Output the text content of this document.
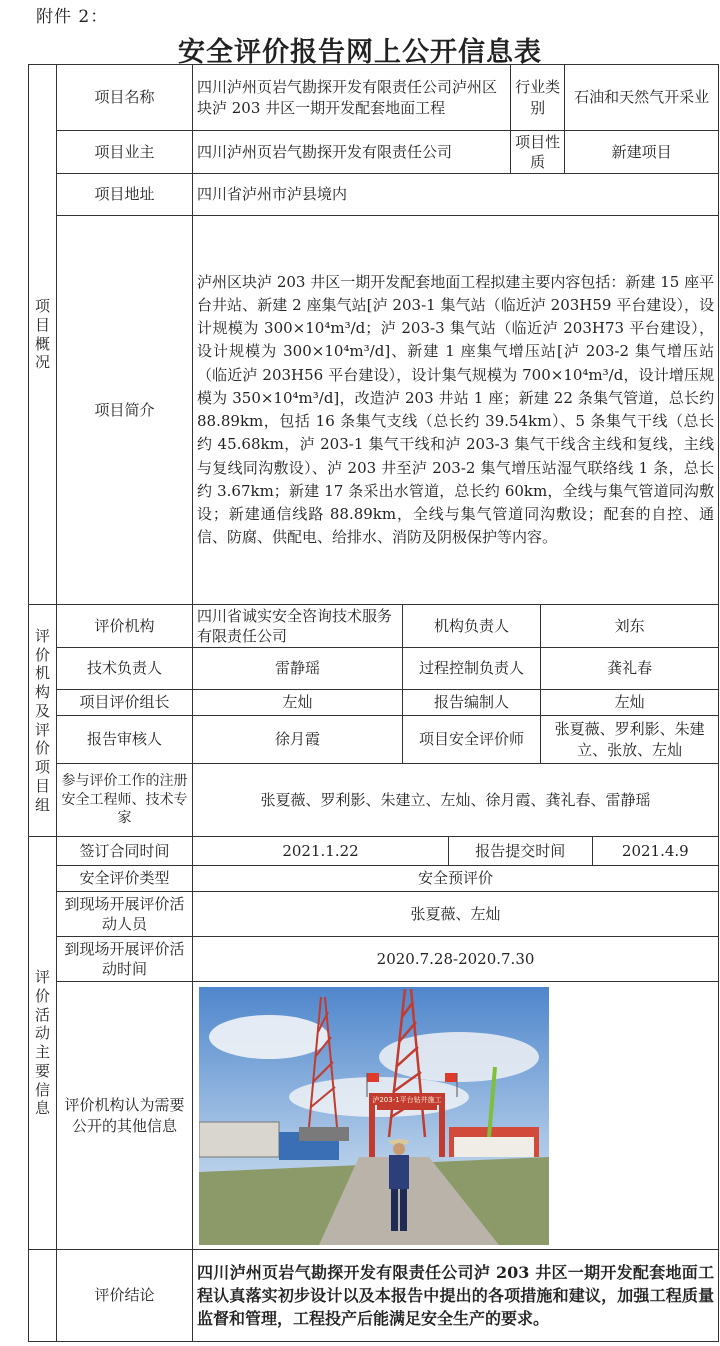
附件 2：
安全评价报告网上公开信息表
项目概况	项目名称	四川泸州页岩气勘探开发有限责任公司泸州区块泸 203 井区一期开发配套地面工程	行业类别	石油和天然气开采业
项目业主	四川泸州页岩气勘探开发有限责任公司	项目性质	新建项目
项目地址	四川省泸州市泸县境内
项目简介	泸州区块泸 203 井区一期开发配套地面工程拟建主要内容包括：新建 15 座平台井站、新建 2 座集气站[泸 203-1 集气站（临近泸 203H59 平台建设），设计规模为 300×10⁴m³/d；泸 203-3 集气站（临近泸 203H73 平台建设），设计规模为 300×10⁴m³/d]、新建 1 座集气增压站[泸 203-2 集气增压站（临近泸 203H56 平台建设），设计集气规模为 700×10⁴m³/d，设计增压规模为 350×10⁴m³/d]，改造泸 203 井站 1 座；新建 22 条集气管道，总长约 88.89km，包括 16 条集气支线（总长约 39.54km）、5 条集气干线（总长约 45.68km，泸 203-1 集气干线和泸 203-3 集气干线含主线和复线，主线与复线同沟敷设）、泸 203 井至泸 203-2 集气增压站湿气联络线 1 条，总长约 3.67km；新建 17 条采出水管道，总长约 60km，全线与集气管道同沟敷设；新建通信线路 88.89km，全线与集气管道同沟敷设；配套的自控、通信、防腐、供配电、给排水、消防及阴极保护等内容。
评价机构及评价项目组	评价机构	四川省诚实安全咨询技术服务有限责任公司	机构负责人	刘东
技术负责人	雷静瑶	过程控制负责人	龚礼春
项目评价组长	左灿	报告编制人	左灿
报告审核人	徐月霞	项目安全评价师	张夏薇、罗利影、朱建立、张放、左灿
参与评价工作的注册安全工程师、技术专家	张夏薇、罗利影、朱建立、左灿、徐月霞、龚礼春、雷静瑶
评价活动主要信息	签订合同时间	2021.1.22		报告提交时间	2021.4.9

安全评价类型	安全预评价
到现场开展评价活动人员	张夏薇、左灿
到现场开展评价活动时间	2020.7.28-2020.7.30
评价机构认为需要公开的其他信息	
泸203-1平台钻井施工

	评价结论	四川泸州页岩气勘探开发有限责任公司泸 203 井区一期开发配套地面工程认真落实初步设计以及本报告中提出的各项措施和建议，加强工程质量监督和管理，工程投产后能满足安全生产的要求。
